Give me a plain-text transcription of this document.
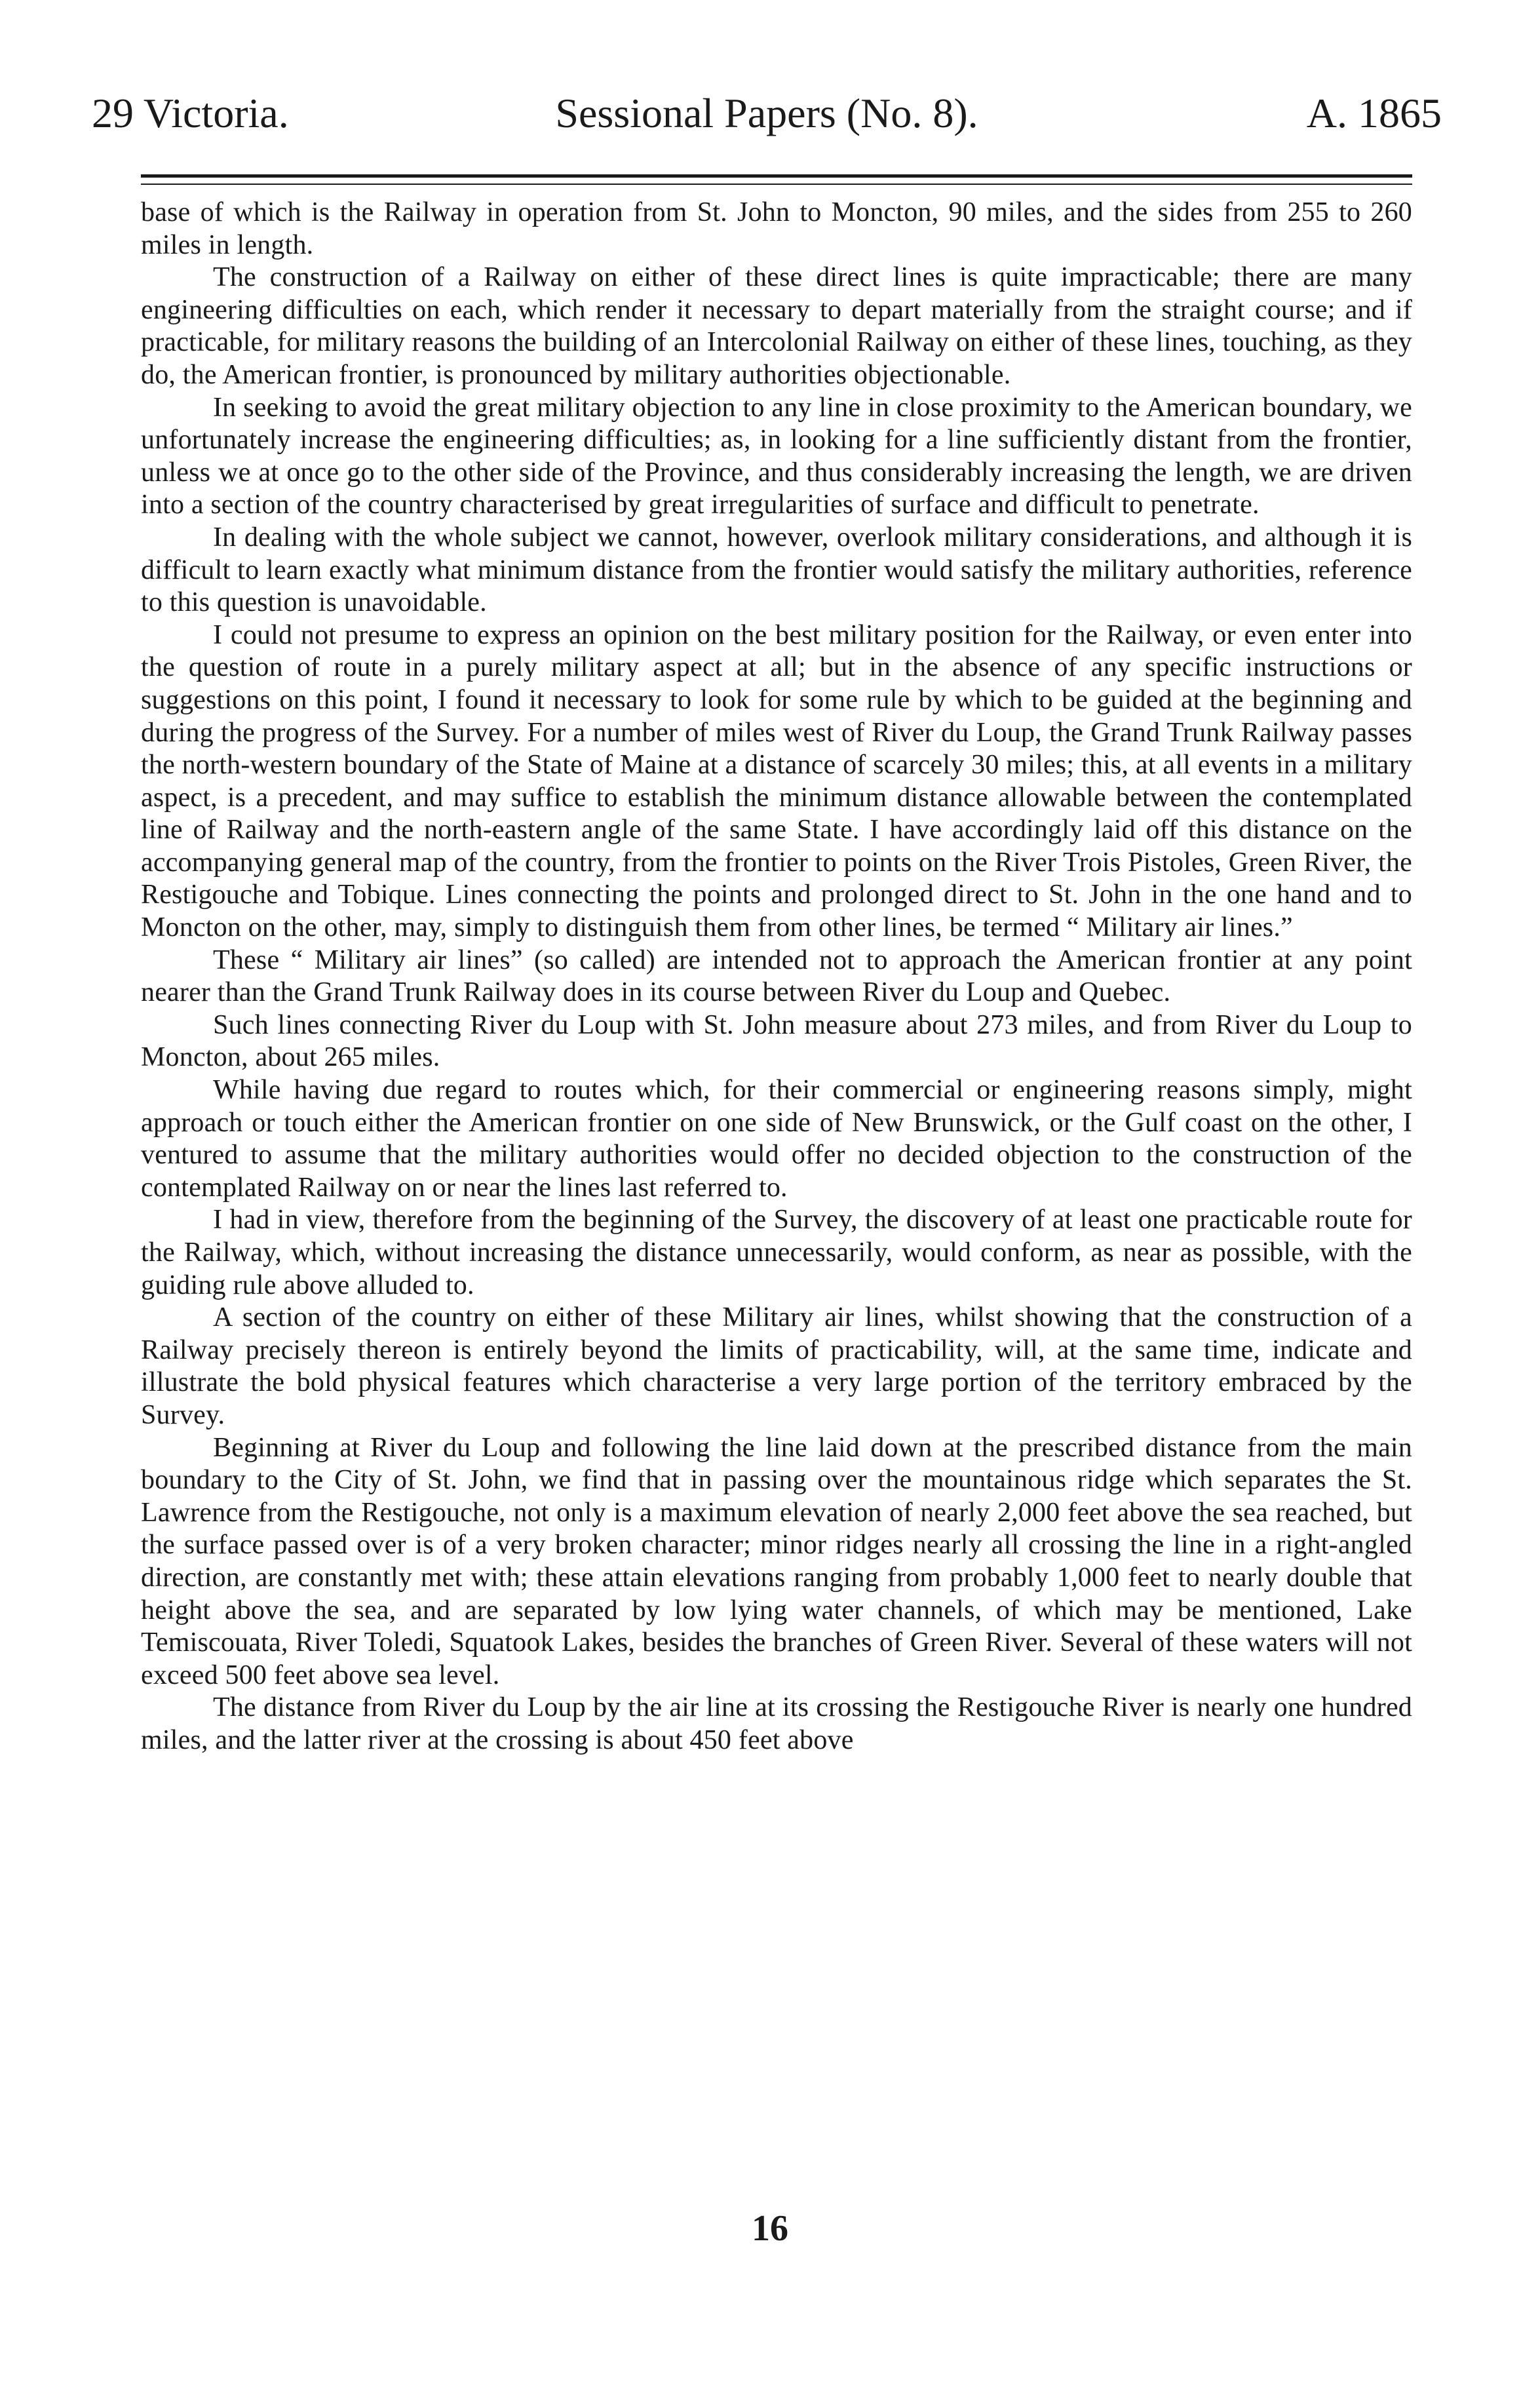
29 Victoria.	Sessional Papers (No. 8).	A. 1865

base of which is the Railway in operation from St. John to Moncton, 90 miles, and the sides from 255 to 260 miles in length.

The construction of a Railway on either of these direct lines is quite impracticable; there are many engineering difficulties on each, which render it necessary to depart materially from the straight course; and if practicable, for military reasons the building of an Intercolonial Railway on either of these lines, touching, as they do, the American frontier, is pronounced by military authorities objectionable.

In seeking to avoid the great military objection to any line in close proximity to the American boundary, we unfortunately increase the engineering difficulties; as, in looking for a line sufficiently distant from the frontier, unless we at once go to the other side of the Province, and thus considerably increasing the length, we are driven into a section of the country characterised by great irregularities of surface and difficult to penetrate.

In dealing with the whole subject we cannot, however, overlook military considerations, and although it is difficult to learn exactly what minimum distance from the frontier would satisfy the military authorities, reference to this question is unavoidable.

I could not presume to express an opinion on the best military position for the Railway, or even enter into the question of route in a purely military aspect at all; but in the absence of any specific instructions or suggestions on this point, I found it necessary to look for some rule by which to be guided at the beginning and during the progress of the Survey. For a number of miles west of River du Loup, the Grand Trunk Railway passes the north-western boundary of the State of Maine at a distance of scarcely 30 miles; this, at all events in a military aspect, is a precedent, and may suffice to establish the minimum distance allowable between the contemplated line of Railway and the north-eastern angle of the same State. I have accordingly laid off this distance on the accompanying general map of the country, from the frontier to points on the River Trois Pistoles, Green River, the Restigouche and Tobique. Lines connecting the points and prolonged direct to St. John in the one hand and to Moncton on the other, may, simply to distinguish them from other lines, be termed “ Military air lines.”

These “ Military air lines” (so called) are intended not to approach the American frontier at any point nearer than the Grand Trunk Railway does in its course between River du Loup and Quebec.

Such lines connecting River du Loup with St. John measure about 273 miles, and from River du Loup to Moncton, about 265 miles.

While having due regard to routes which, for their commercial or engineering reasons simply, might approach or touch either the American frontier on one side of New Brunswick, or the Gulf coast on the other, I ventured to assume that the military authorities would offer no decided objection to the construction of the contemplated Railway on or near the lines last referred to.

I had in view, therefore from the beginning of the Survey, the discovery of at least one practicable route for the Railway, which, without increasing the distance unnecessarily, would conform, as near as possible, with the guiding rule above alluded to.

A section of the country on either of these Military air lines, whilst showing that the construction of a Railway precisely thereon is entirely beyond the limits of practicability, will, at the same time, indicate and illustrate the bold physical features which characterise a very large portion of the territory embraced by the Survey.

Beginning at River du Loup and following the line laid down at the prescribed distance from the main boundary to the City of St. John, we find that in passing over the mountainous ridge which separates the St. Lawrence from the Restigouche, not only is a maximum elevation of nearly 2,000 feet above the sea reached, but the surface passed over is of a very broken character; minor ridges nearly all crossing the line in a right-angled direction, are constantly met with; these attain elevations ranging from probably 1,000 feet to nearly double that height above the sea, and are separated by low lying water channels, of which may be mentioned, Lake Temiscouata, River Toledi, Squatook Lakes, besides the branches of Green River. Several of these waters will not exceed 500 feet above sea level.

The distance from River du Loup by the air line at its crossing the Restigouche River is nearly one hundred miles, and the latter river at the crossing is about 450 feet above

16
